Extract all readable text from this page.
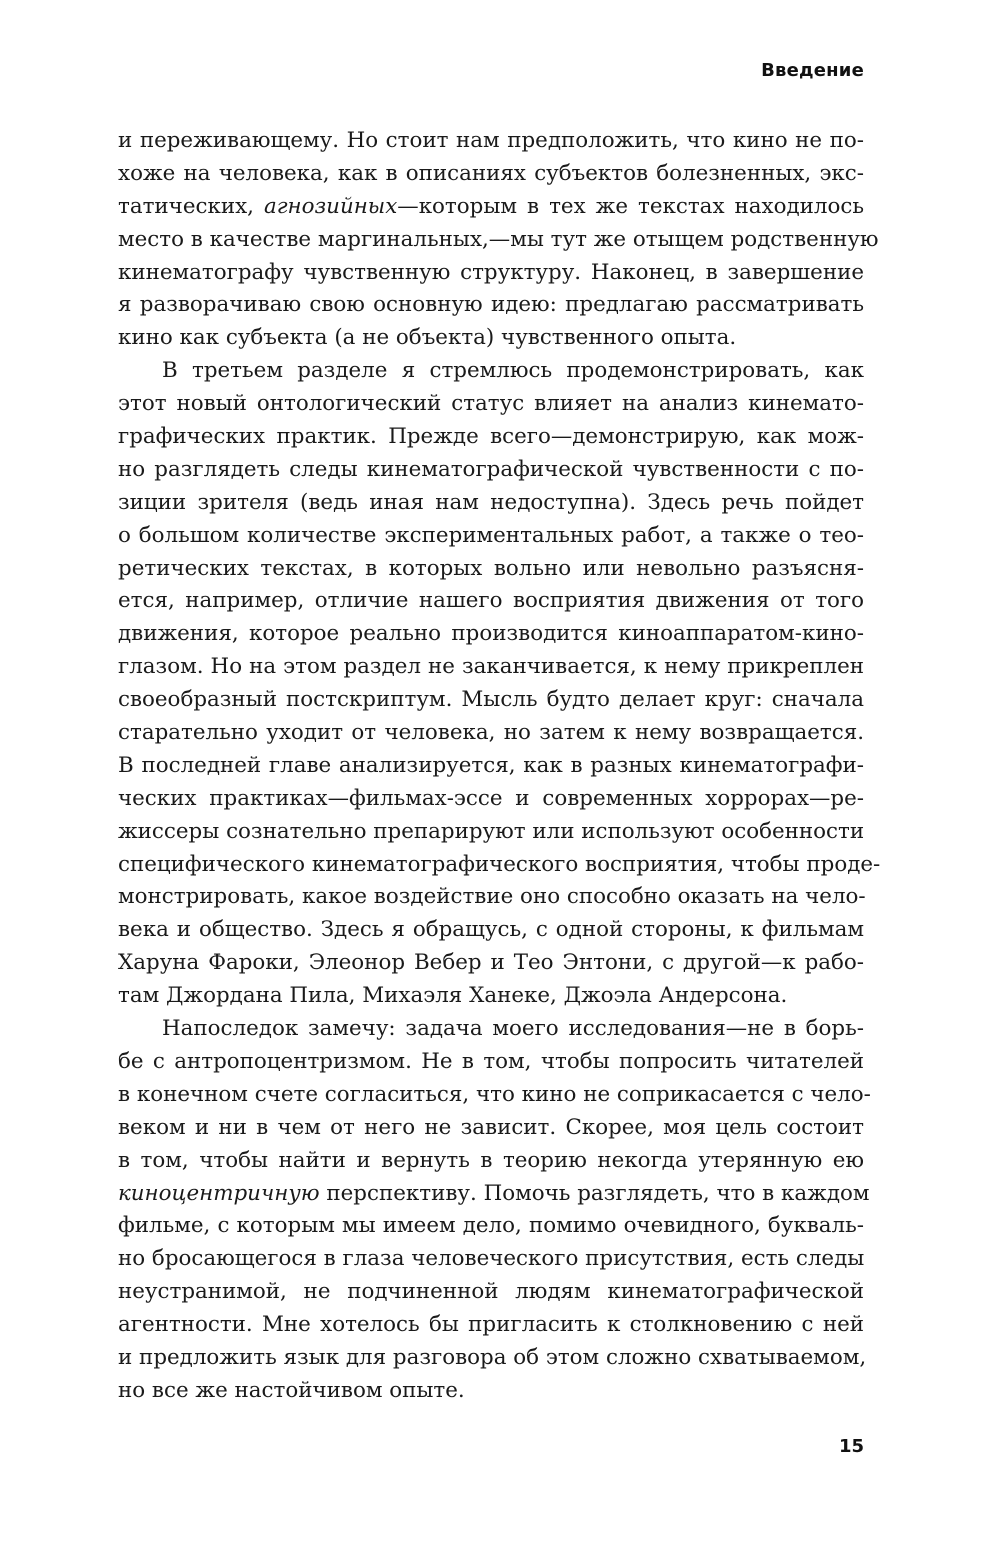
Введение
и переживающему. Но стоит нам предположить, что кино не по-
хоже на человека, как в описаниях субъектов болезненных, экс-
татических, агнозийных—которым в тех же текстах находилось
место в качестве маргинальных,—мы тут же отыщем родственную
кинематографу чувственную структуру. Наконец, в завершение
я разворачиваю свою основную идею: предлагаю рассматривать
кино как субъекта (а не объекта) чувственного опыта.
В третьем разделе я стремлюсь продемонстрировать, как
этот новый онтологический статус влияет на анализ кинемато-
графических практик. Прежде всего—демонстрирую, как мож-
но разглядеть следы кинематографической чувственности с по-
зиции зрителя (ведь иная нам недоступна). Здесь речь пойдет
о большом количестве экспериментальных работ, а также о тео-
ретических текстах, в которых вольно или невольно разъясня-
ется, например, отличие нашего восприятия движения от того
движения, которое реально производится киноаппаратом-кино-
глазом. Но на этом раздел не заканчивается, к нему прикреплен
своеобразный постскриптум. Мысль будто делает круг: сначала
старательно уходит от человека, но затем к нему возвращается.
В последней главе анализируется, как в разных кинематографи-
ческих практиках—фильмах-эссе и современных хоррорах—ре-
жиссеры сознательно препарируют или используют особенности
специфического кинематографического восприятия, чтобы проде-
монстрировать, какое воздействие оно способно оказать на чело-
века и общество. Здесь я обращусь, с одной стороны, к фильмам
Харуна Фароки, Элеонор Вебер и Тео Энтони, с другой—к рабо-
там Джордана Пила, Михаэля Ханеке, Джоэла Андерсона.
Напоследок замечу: задача моего исследования—не в борь-
бе с антропоцентризмом. Не в том, чтобы попросить читателей
в конечном счете согласиться, что кино не соприкасается с чело-
веком и ни в чем от него не зависит. Скорее, моя цель состоит
в том, чтобы найти и вернуть в теорию некогда утерянную ею
киноцентричную перспективу. Помочь разглядеть, что в каждом
фильме, с которым мы имеем дело, помимо очевидного, букваль-
но бросающегося в глаза человеческого присутствия, есть следы
неустранимой, не подчиненной людям кинематографической
агентности. Мне хотелось бы пригласить к столкновению с ней
и предложить язык для разговора об этом сложно схватываемом,
но все же настойчивом опыте.
15
